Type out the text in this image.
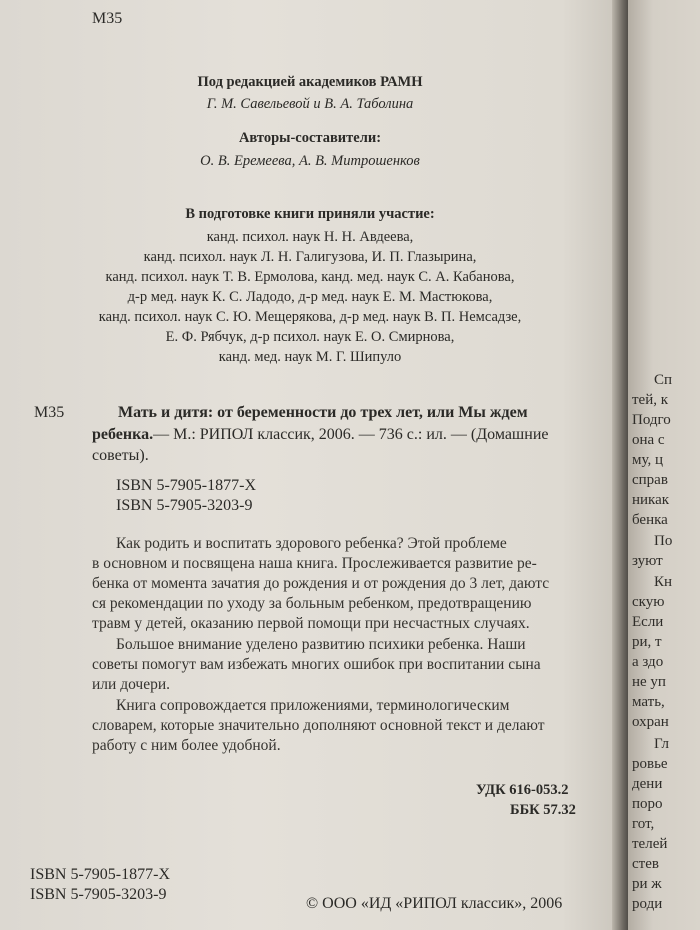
М35
Под редакцией академиков РАМН
Г. М. Савельевой и В. А. Таболина
Авторы-составители:
О. В. Еремеева, А. В. Митрошенков
В подготовке книги приняли участие:
канд. психол. наук Н. Н. Авдеева,
канд. психол. наук Л. Н. Галигузова, И. П. Глазырина,
канд. психол. наук Т. В. Ермолова, канд. мед. наук С. А. Кабанова,
д-р мед. наук К. С. Ладодо, д-р мед. наук Е. М. Мастюкова,
канд. психол. наук С. Ю. Мещерякова, д-р мед. наук В. П. Немсадзе,
Е. Ф. Рябчук, д-р психол. наук Е. О. Смирнова,
канд. мед. наук М. Г. Шипуло
М35	Мать и дитя: от беременности до трех лет, или Мы ждем
ребенка.— М.: РИПОЛ классик, 2006. — 736 с.: ил. — (Домашние
советы).
ISBN 5-7905-1877-Х
ISBN 5-7905-3203-9
Как родить и воспитать здорового ребенка? Этой проблеме
в основном и посвящена наша книга. Прослеживается развитие ре-
бенка от момента зачатия до рождения и от рождения до 3 лет, даютс
ся рекомендации по уходу за больным ребенком, предотвращению
травм у детей, оказанию первой помощи при несчастных случаях.
Большое внимание уделено развитию психики ребенка. Наши
советы помогут вам избежать многих ошибок при воспитании сына
или дочери.
Книга сопровождается приложениями, терминологическим
словарем, которые значительно дополняют основной текст и делают
работу с ним более удобной.
УДК 616-053.2
ББК 57.32
ISBN 5-7905-1877-Х
ISBN 5-7905-3203-9
© ООО «ИД «РИПОЛ классик», 2006
Сп
тей, к
Подго
она с
му, ц
справ
никак
бенка
По
зуют
Кн
скую
Если
ри, т
а здо
не уп
мать,
охран
Гл
ровье
дени
поро
гот,
телей
стев
ри ж
роди
